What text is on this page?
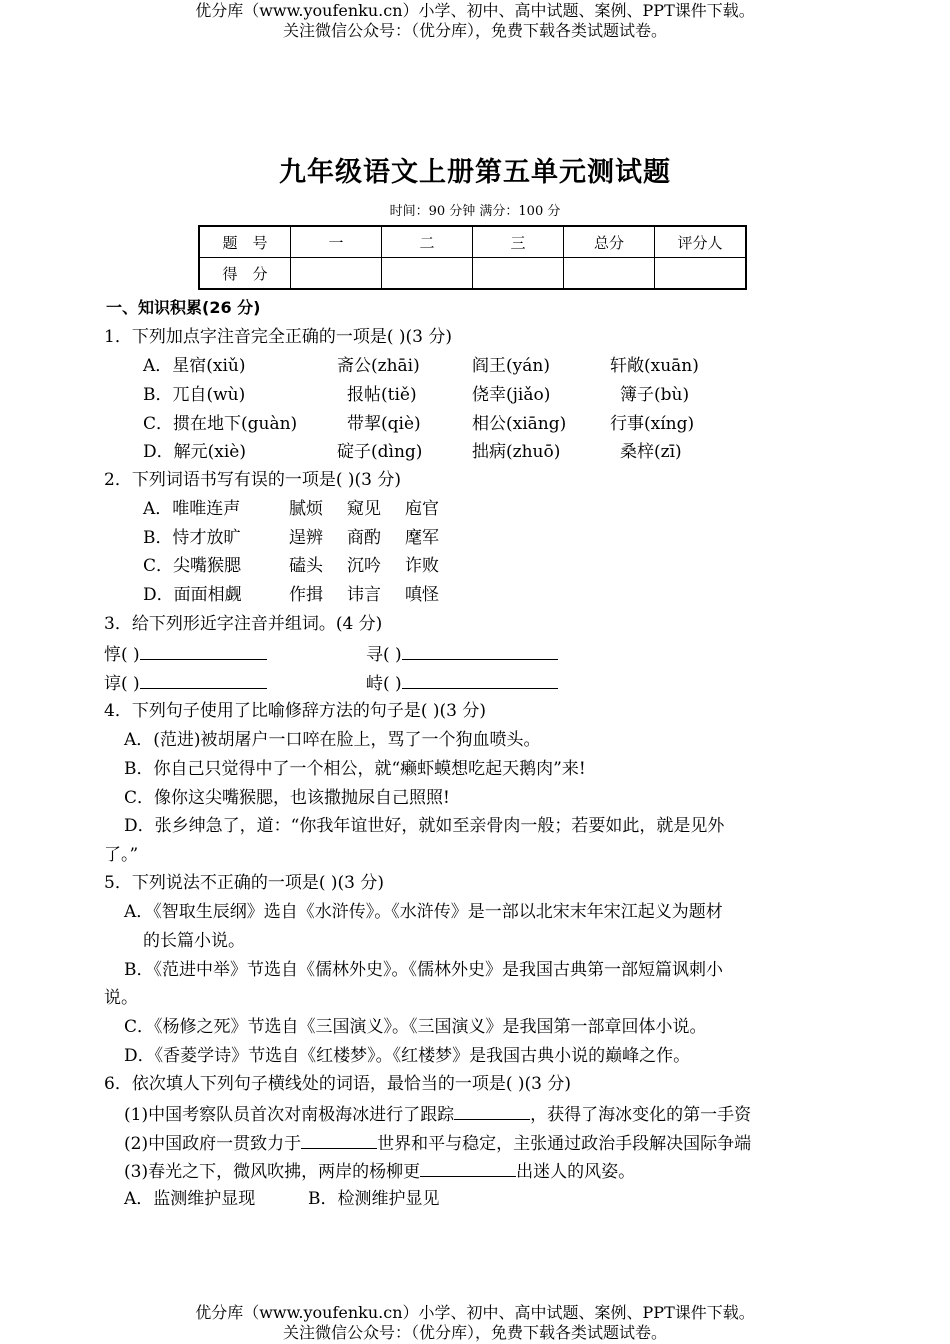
优分库（www.youfenku.cn）小学、初中、高中试题、案例、PPT课件下载。
关注微信公众号：（优分库），免费下载各类试题试卷。
九年级语文上册第五单元测试题
时间：90 分钟 满分：100 分
题　号	一	二	三	总分	评分人
得　分					
一、知识积累(26 分)
1．下列加点字注音完全正确的一项是( )(3 分)
A．星宿(xiǔ)	斋公(zhāi)	阎王(yán)	轩敞(xuān)
B．兀自(wù)	报帖(tiě)	侥幸(jiǎo)	簿子(bù)
C．掼在地下(guàn)	带挈(qiè)	相公(xiāng)	行事(xíng)
D．解元(xiè)	碇子(dìng)	拙病(zhuō)	桑梓(zī)
2．下列词语书写有误的一项是( )(3 分)
A．唯唯连声	腻烦 窥见 庖官
B．恃才放旷	逞辨 商酌 麾军
C．尖嘴猴腮	磕头 沉吟 诈败
D．面面相觑	作揖 讳言 嗔怪
3．给下列形近字注音并组词。(4 分)
惇( )	寻( )
谆( )	峙( )
4．下列句子使用了比喻修辞方法的句子是( )(3 分)
A．(范进)被胡屠户一口啐在脸上，骂了一个狗血喷头。
B．你自己只觉得中了一个相公，就“癞虾蟆想吃起天鹅肉”来!
C．像你这尖嘴猴腮，也该撒抛尿自己照照!
D．张乡绅急了，道：“你我年谊世好，就如至亲骨肉一般；若要如此，就是见外
了。”
5．下列说法不正确的一项是( )(3 分)
A．《智取生辰纲》选自《水浒传》。《水浒传》是一部以北宋末年宋江起义为题材
的长篇小说。
B．《范进中举》节选自《儒林外史》。《儒林外史》是我国古典第一部短篇讽刺小
说。
C．《杨修之死》节选自《三国演义》。《三国演义》是我国第一部章回体小说。
D．《香菱学诗》节选自《红楼梦》。《红楼梦》是我国古典小说的巅峰之作。
6．依次填人下列句子横线处的词语，最恰当的一项是( )(3 分)
(1)中国考察队员首次对南极海冰进行了跟踪	，获得了海冰变化的第一手资
(2)中国政府一贯致力于	世界和平与稳定，主张通过政治手段解决国际争端
(3)春光之下，微风吹拂，两岸的杨柳更	出迷人的风姿。
A．监测维护显现	B．检测维护显见
优分库（www.youfenku.cn）小学、初中、高中试题、案例、PPT课件下载。
关注微信公众号：（优分库），免费下载各类试题试卷。
